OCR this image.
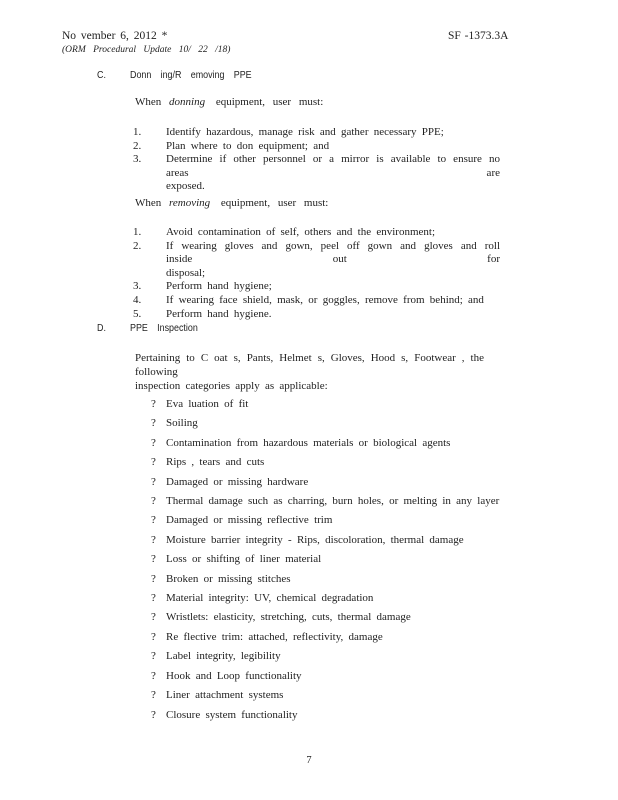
No vember 6, 2012 *	SF -1373.3A
(ORM Procedural Update 10/ 22 /18)
C. Donn ing/R emoving PPE
When donning equipment, user must:
1.	Identify hazardous, manage risk and gather necessary PPE;
2.	Plan where to don equipment; and
3.	Determine if other personnel or a mirror is available to ensure no areas are
exposed.
When removing equipment, user must:
1.	Avoid contamination of self, others and the environment;
2.	If wearing gloves and gown, peel off gown and gloves and roll inside out for
disposal;
3.	Perform hand hygiene;
4.	If wearing face shield, mask, or goggles, remove from behind; and
5.	Perform hand hygiene.
D. PPE Inspection
Pertaining to C oat s, Pants, Helmet s, Gloves, Hood s, Footwear , the following
inspection categories apply as applicable:
? Eva luation of fit
? Soiling
? Contamination from hazardous materials or biological agents
? Rips , tears and cuts
? Damaged or missing hardware
? Thermal damage such as charring, burn holes, or melting in any layer
? Damaged or missing reflective trim
? Moisture barrier integrity - Rips, discoloration, thermal damage
? Loss or shifting of liner material
? Broken or missing stitches
? Material integrity: UV, chemical degradation
? Wristlets: elasticity, stretching, cuts, thermal damage
? Re flective trim: attached, reflectivity, damage
? Label integrity, legibility
? Hook and Loop functionality
? Liner attachment systems
? Closure system functionality
7
